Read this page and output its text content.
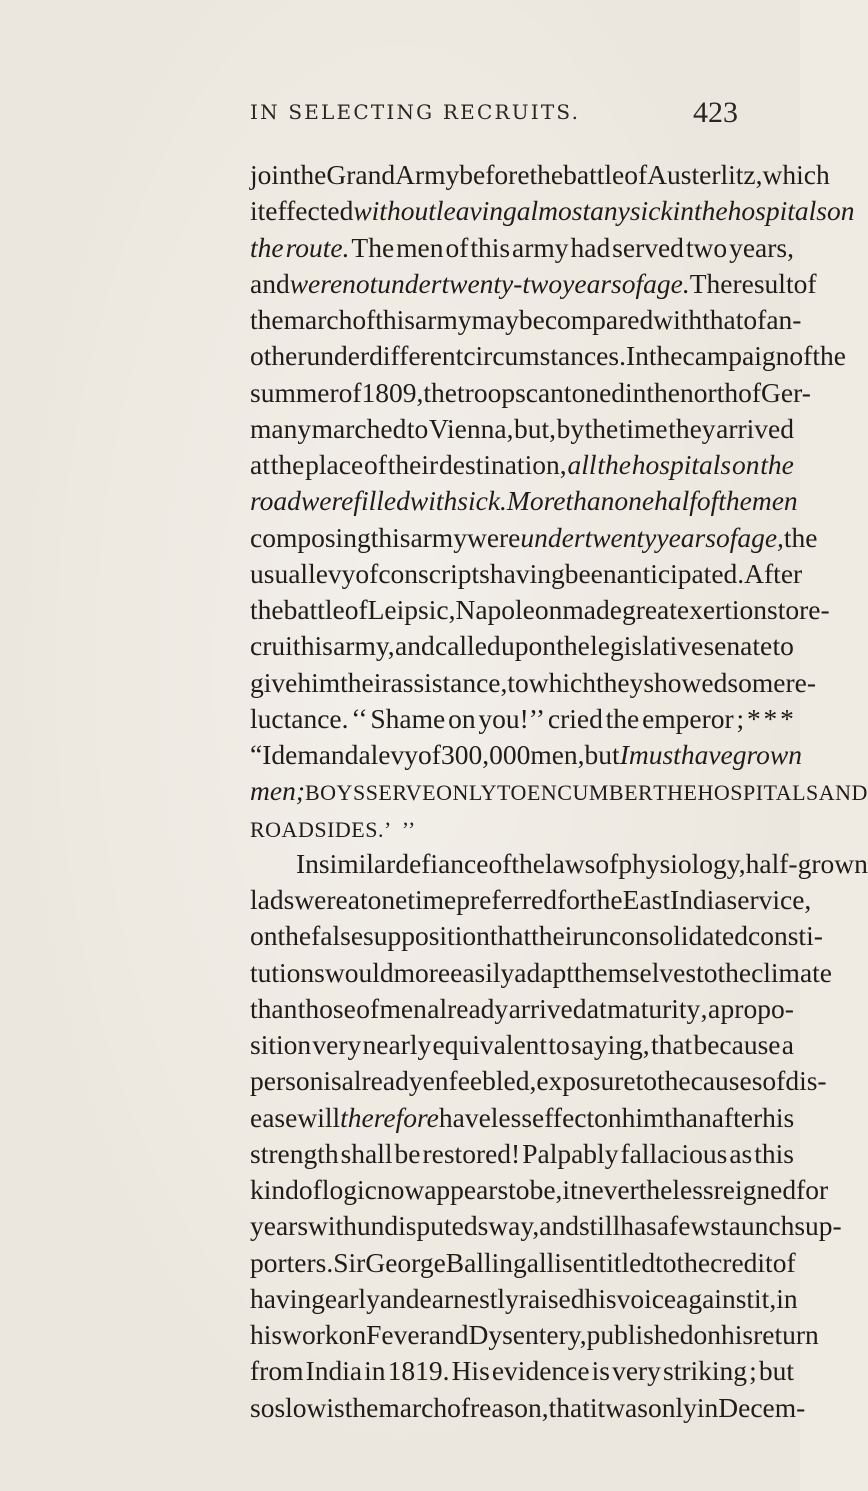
IN SELECTING RECRUITS.	423
join the Grand Army before the battle of Austerlitz, which
it effected without leaving almost any sick in the hospitals on
the route. The men of this army had served two years,
and were not under twenty-two years of age. The result of
the march of this army may be compared with that of an-
other under different circumstances. In the campaign of the
summer of 1809, the troops cantoned in the north of Ger-
many marched to Vienna, but, by the time they arrived
at the place of their destination, all the hospitals on the
road were filled with sick. More than one half of the men
composing this army were under twenty years of age, the
usual levy of conscripts having been anticipated. After
the battle of Leipsic, Napoleon made great exertions to re-
cruit his army, and called upon the legislative senate to
give him their assistance, to which they showed some re-
luctance. ‘‘ Shame on you!’’ cried the emperor ; * * *
“I demand a levy of 300,000 men, but I must have grown
men ; BOYS SERVE ONLY TO ENCUMBER THE HOSPITALS AND
ROADSIDES.’ ’’
In similar defiance of the laws of physiology, half- grown
lads were at one time preferred for the East India service,
on the false supposition that their unconsolidated consti-
tutions would more easily adapt themselves to the climate
than those of men already arrived at maturity , a propo-
sition very nearly equivalent to saying, that because a
person is already enfeebled, exposure to the causes of dis-
ease will therefore have less effect on him than after his
strength shall be restored! Palpably fallacious as this
kind of logic now appears to be, it nevertheless reigned for
years with undisputed sway, and still has a few staunch sup-
porters. Sir George Ballingall is entitled to the credit of
having early and earnestly raised his voice against it, in
his work on Fever and Dysentery, published on his return
from India in 1819. His evidence is very striking ; but
so slow is the march of reason, that it was only in Decem-
